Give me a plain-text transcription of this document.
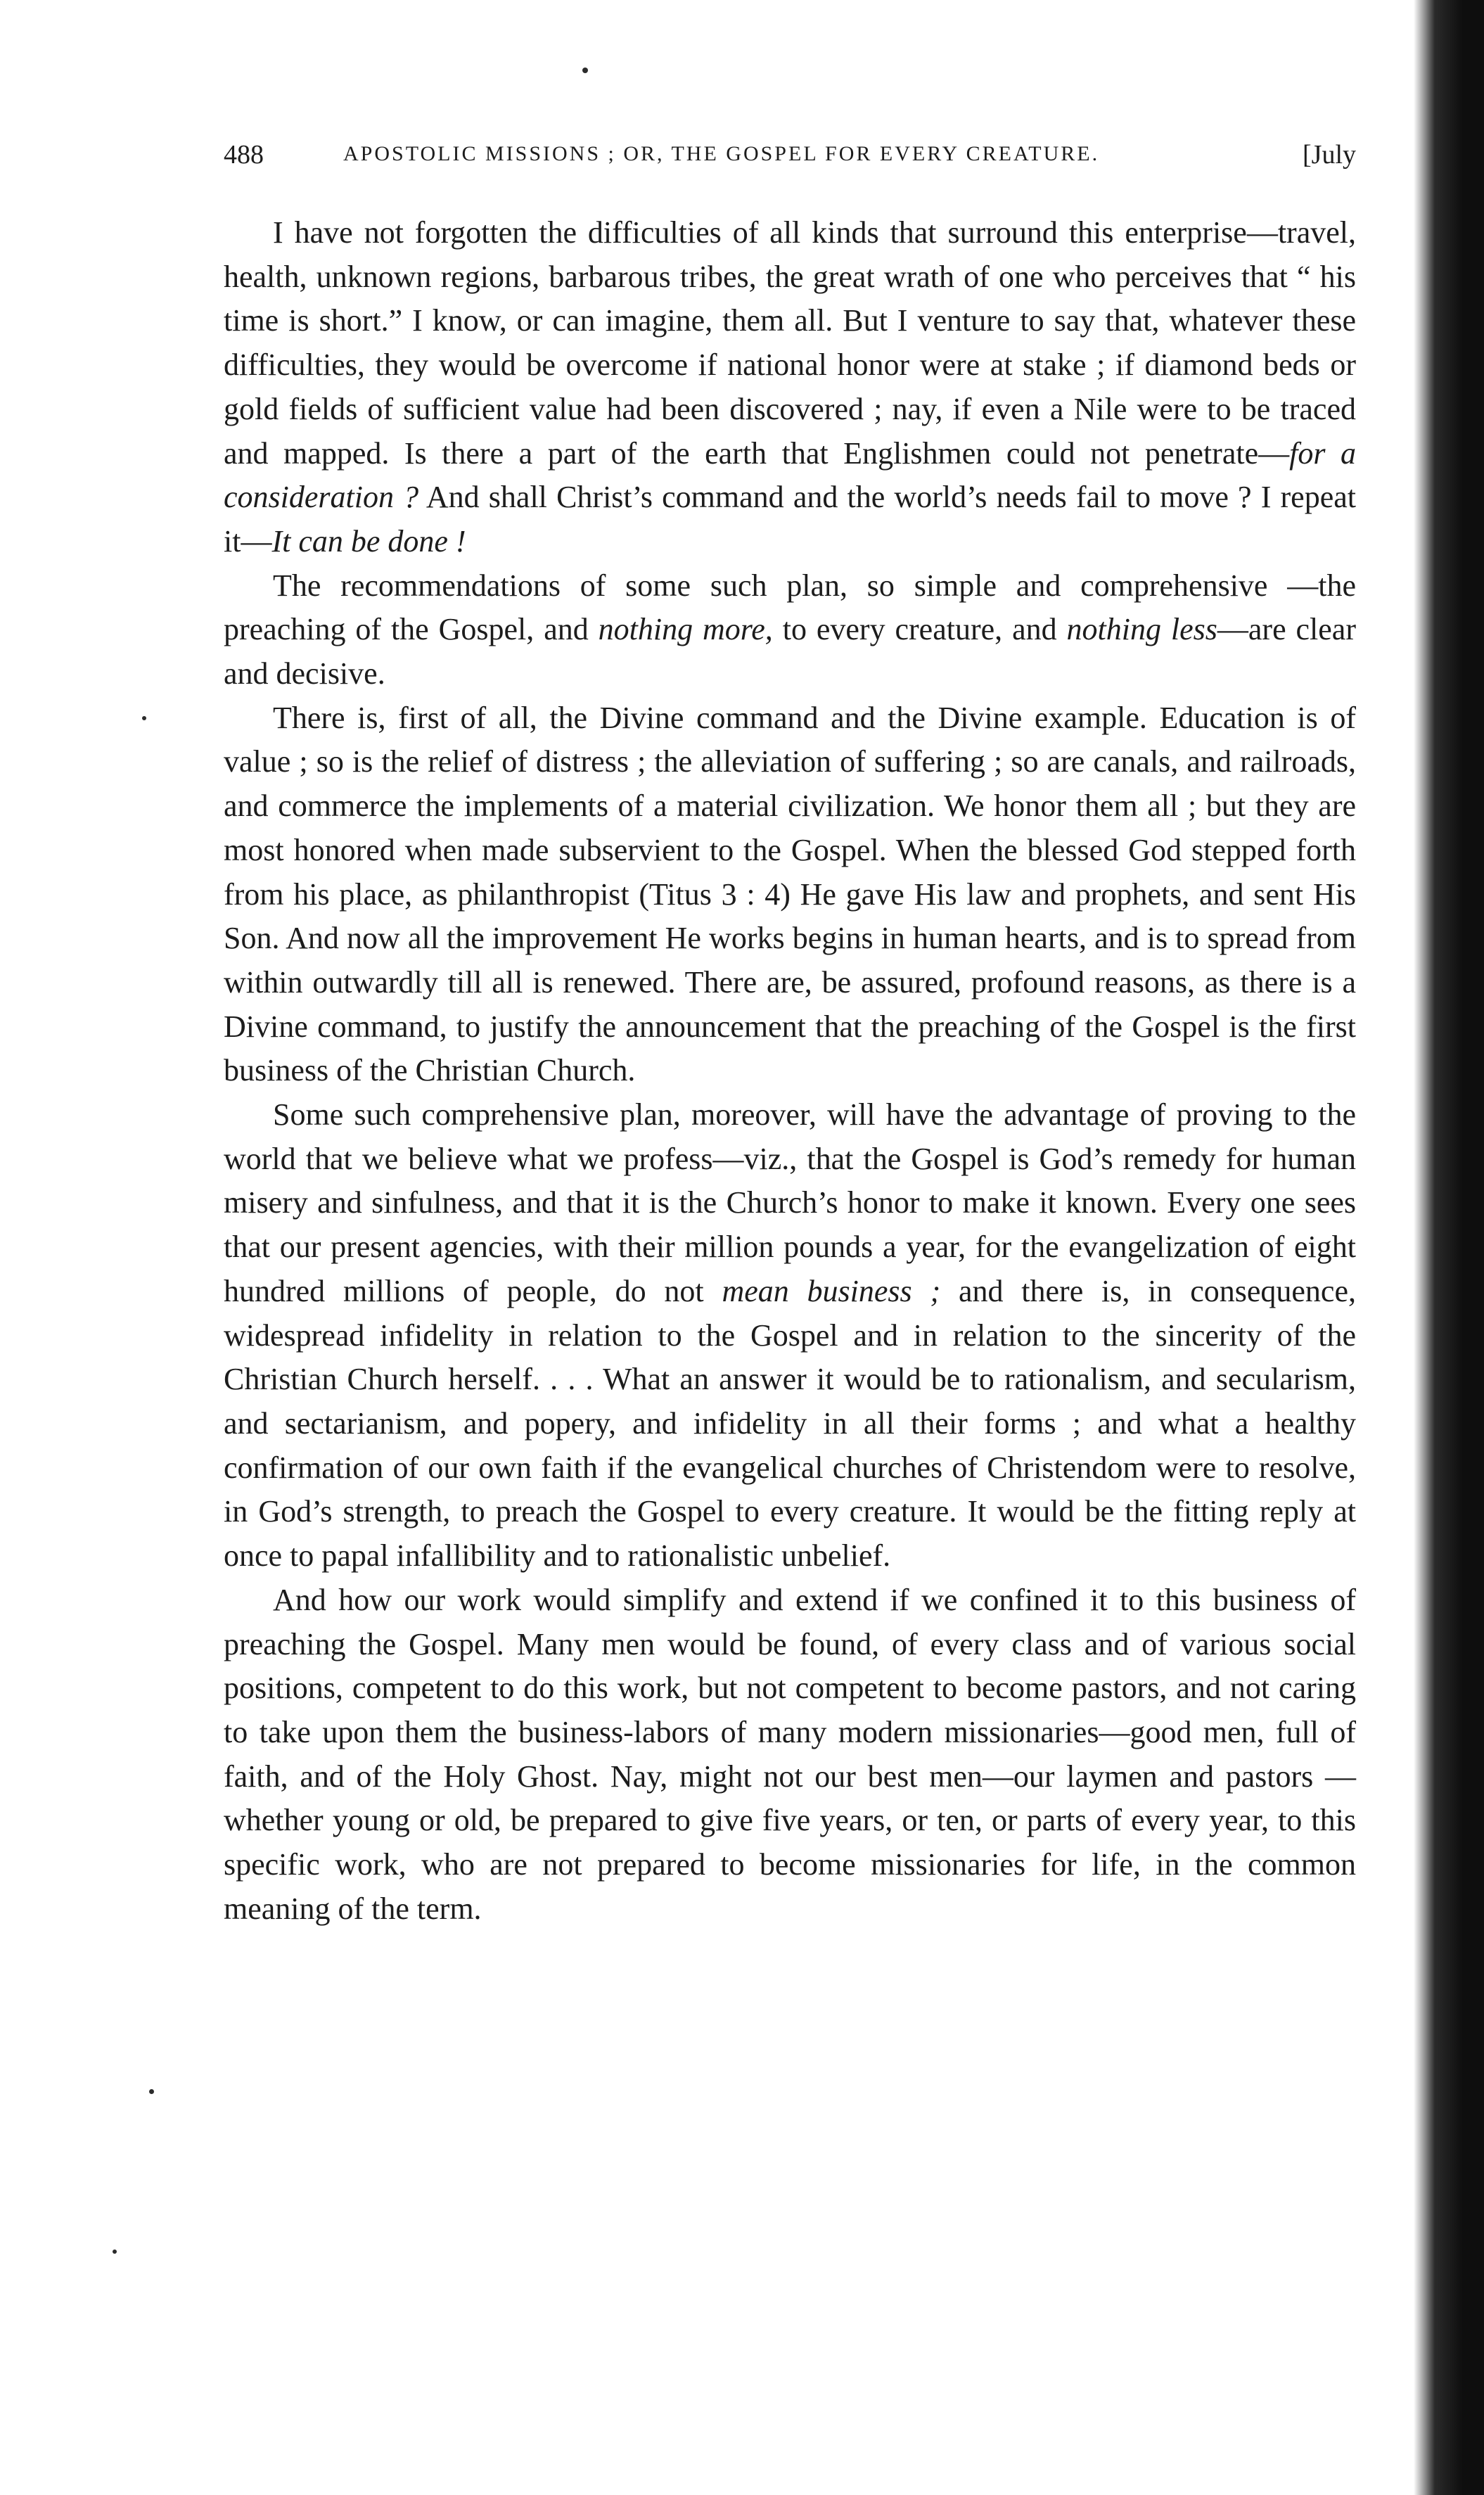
488	APOSTOLIC MISSIONS ; OR, THE GOSPEL FOR EVERY CREATURE.	[July

I have not forgotten the difficulties of all kinds that surround this enterprise—travel, health, unknown regions, barbarous tribes, the great wrath of one who perceives that “ his time is short.” I know, or can imagine, them all. But I venture to say that, whatever these difficulties, they would be overcome if national honor were at stake ; if diamond beds or gold fields of sufficient value had been discovered ; nay, if even a Nile were to be traced and mapped. Is there a part of the earth that Englishmen could not penetrate—for a consideration ? And shall Christ’s command and the world’s needs fail to move ? I repeat it—It can be done !

The recommendations of some such plan, so simple and comprehensive —the preaching of the Gospel, and nothing more, to every creature, and nothing less—are clear and decisive.

There is, first of all, the Divine command and the Divine example. Education is of value ; so is the relief of distress ; the alleviation of suffering ; so are canals, and railroads, and commerce the implements of a material civilization. We honor them all ; but they are most honored when made subservient to the Gospel. When the blessed God stepped forth from his place, as philanthropist (Titus 3 : 4) He gave His law and prophets, and sent His Son. And now all the improvement He works begins in human hearts, and is to spread from within outwardly till all is renewed. There are, be assured, profound reasons, as there is a Divine command, to justify the announcement that the preaching of the Gospel is the first business of the Christian Church.

Some such comprehensive plan, moreover, will have the advantage of proving to the world that we believe what we profess—viz., that the Gospel is God’s remedy for human misery and sinfulness, and that it is the Church’s honor to make it known. Every one sees that our present agencies, with their million pounds a year, for the evangelization of eight hundred millions of people, do not mean business ; and there is, in consequence, widespread infidelity in relation to the Gospel and in relation to the sincerity of the Christian Church herself. . . . What an answer it would be to rationalism, and secularism, and sectarianism, and popery, and infidelity in all their forms ; and what a healthy confirmation of our own faith if the evangelical churches of Christendom were to resolve, in God’s strength, to preach the Gospel to every creature. It would be the fitting reply at once to papal infallibility and to rationalistic unbelief.

And how our work would simplify and extend if we confined it to this business of preaching the Gospel. Many men would be found, of every class and of various social positions, competent to do this work, but not competent to become pastors, and not caring to take upon them the business-labors of many modern missionaries—good men, full of faith, and of the Holy Ghost. Nay, might not our best men—our laymen and pastors —whether young or old, be prepared to give five years, or ten, or parts of every year, to this specific work, who are not prepared to become missionaries for life, in the common meaning of the term.
